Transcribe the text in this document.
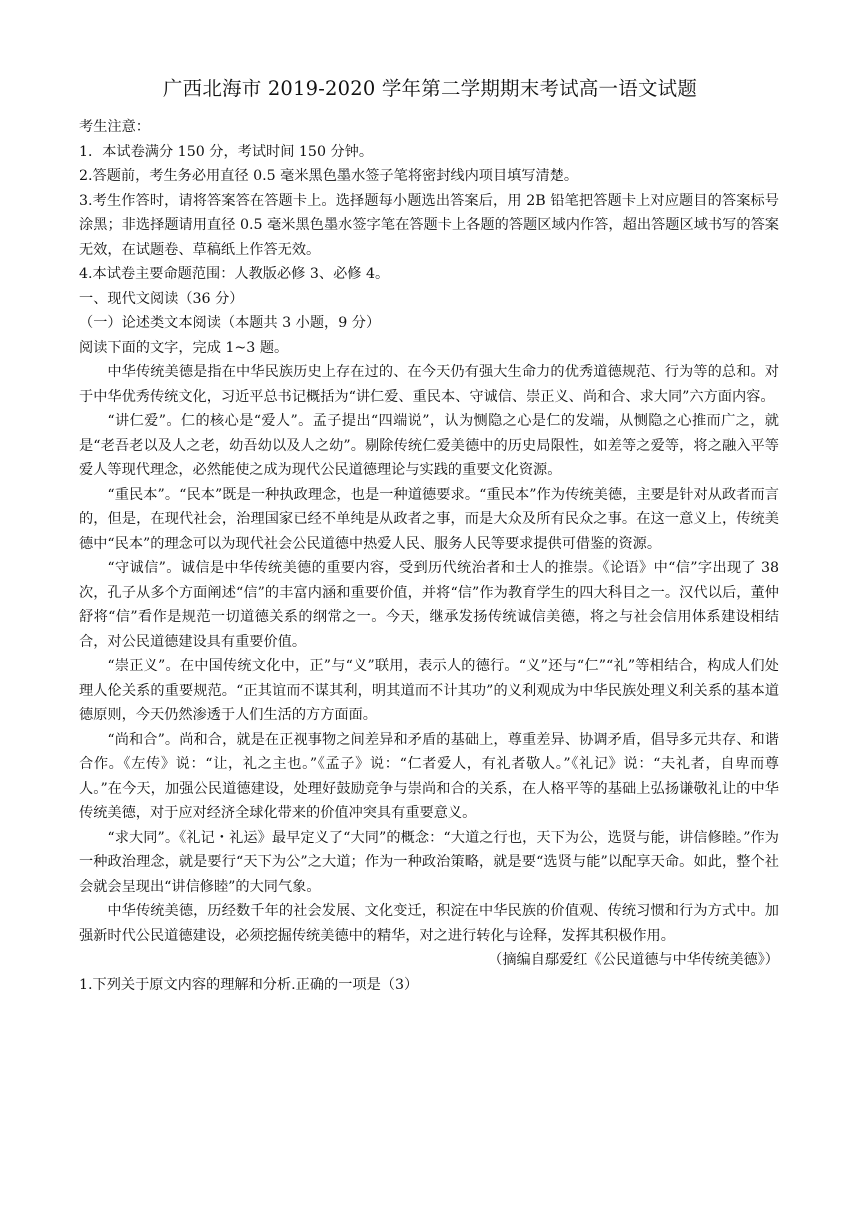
广西北海市 2019-2020 学年第二学期期末考试高一语文试题

考生注意：

1．本试卷满分 150 分，考试时间 150 分钟。

2.答题前，考生务必用直径 0.5 毫米黑色墨水签子笔将密封线内项目填写清楚。

3.考生作答时，请将答案答在答题卡上。选择题每小题选出答案后，用 2B 铅笔把答题卡上对应题目的答案标号涂黑；非选择题请用直径 0.5 毫米黑色墨水签字笔在答题卡上各题的答题区域内作答，超出答题区域书写的答案无效，在试题卷、草稿纸上作答无效。

4.本试卷主要命题范围：人教版必修 3、必修 4。

一、现代文阅读（36 分）

（一）论述类文本阅读（本题共 3 小题，9 分）

阅读下面的文字，完成 1~3 题。

中华传统美德是指在中华民族历史上存在过的、在今天仍有强大生命力的优秀道德规范、行为等的总和。对于中华优秀传统文化，习近平总书记概括为“讲仁爱、重民本、守诚信、崇正义、尚和合、求大同”六方面内容。

“讲仁爱”。仁的核心是“爱人”。孟子提出“四端说”，认为恻隐之心是仁的发端，从恻隐之心推而广之，就是“老吾老以及人之老，幼吾幼以及人之幼”。剔除传统仁爱美德中的历史局限性，如差等之爱等，将之融入平等爱人等现代理念，必然能使之成为现代公民道德理论与实践的重要文化资源。

“重民本”。“民本”既是一种执政理念，也是一种道德要求。“重民本”作为传统美德，主要是针对从政者而言的，但是，在现代社会，治理国家已经不单纯是从政者之事，而是大众及所有民众之事。在这一意义上，传统美德中“民本”的理念可以为现代社会公民道德中热爱人民、服务人民等要求提供可借鉴的资源。

“守诚信”。诚信是中华传统美德的重要内容，受到历代统治者和士人的推崇。《论语》中“信”字出现了 38 次，孔子从多个方面阐述“信”的丰富内涵和重要价值，并将“信”作为教育学生的四大科目之一。汉代以后，董仲舒将“信”看作是规范一切道德关系的纲常之一。今天，继承发扬传统诚信美德，将之与社会信用体系建设相结合，对公民道德建设具有重要价值。

“崇正义”。在中国传统文化中，正”与“义”联用，表示人的德行。“义”还与“仁”“礼”等相结合，构成人们处理人伦关系的重要规范。“正其谊而不谋其利，明其道而不计其功”的义利观成为中华民族处理义利关系的基本道德原则，今天仍然渗透于人们生活的方方面面。

“尚和合”。尚和合，就是在正视事物之间差异和矛盾的基础上，尊重差异、协调矛盾，倡导多元共存、和谐合作。《左传》说：“让，礼之主也。”《孟子》说：“仁者爱人，有礼者敬人。”《礼记》说：“夫礼者，自卑而尊人。”在今天，加强公民道德建设，处理好鼓励竞争与崇尚和合的关系，在人格平等的基础上弘扬谦敬礼让的中华传统美德，对于应对经济全球化带来的价值冲突具有重要意义。

“求大同”。《礼记・礼运》最早定义了“大同”的概念：“大道之行也，天下为公，选贤与能，讲信修睦。”作为一种政治理念，就是要行“天下为公”之大道；作为一种政治策略，就是要“选贤与能”以配享天命。如此，整个社会就会呈现出“讲信修睦”的大同气象。

中华传统美德，历经数千年的社会发展、文化变迁，积淀在中华民族的价值观、传统习惯和行为方式中。加强新时代公民道德建设，必须挖掘传统美德中的精华，对之进行转化与诠释，发挥其积极作用。

（摘编自鄢爱红《公民道德与中华传统美德》）

1.下列关于原文内容的理解和分析.正确的一项是（3）
